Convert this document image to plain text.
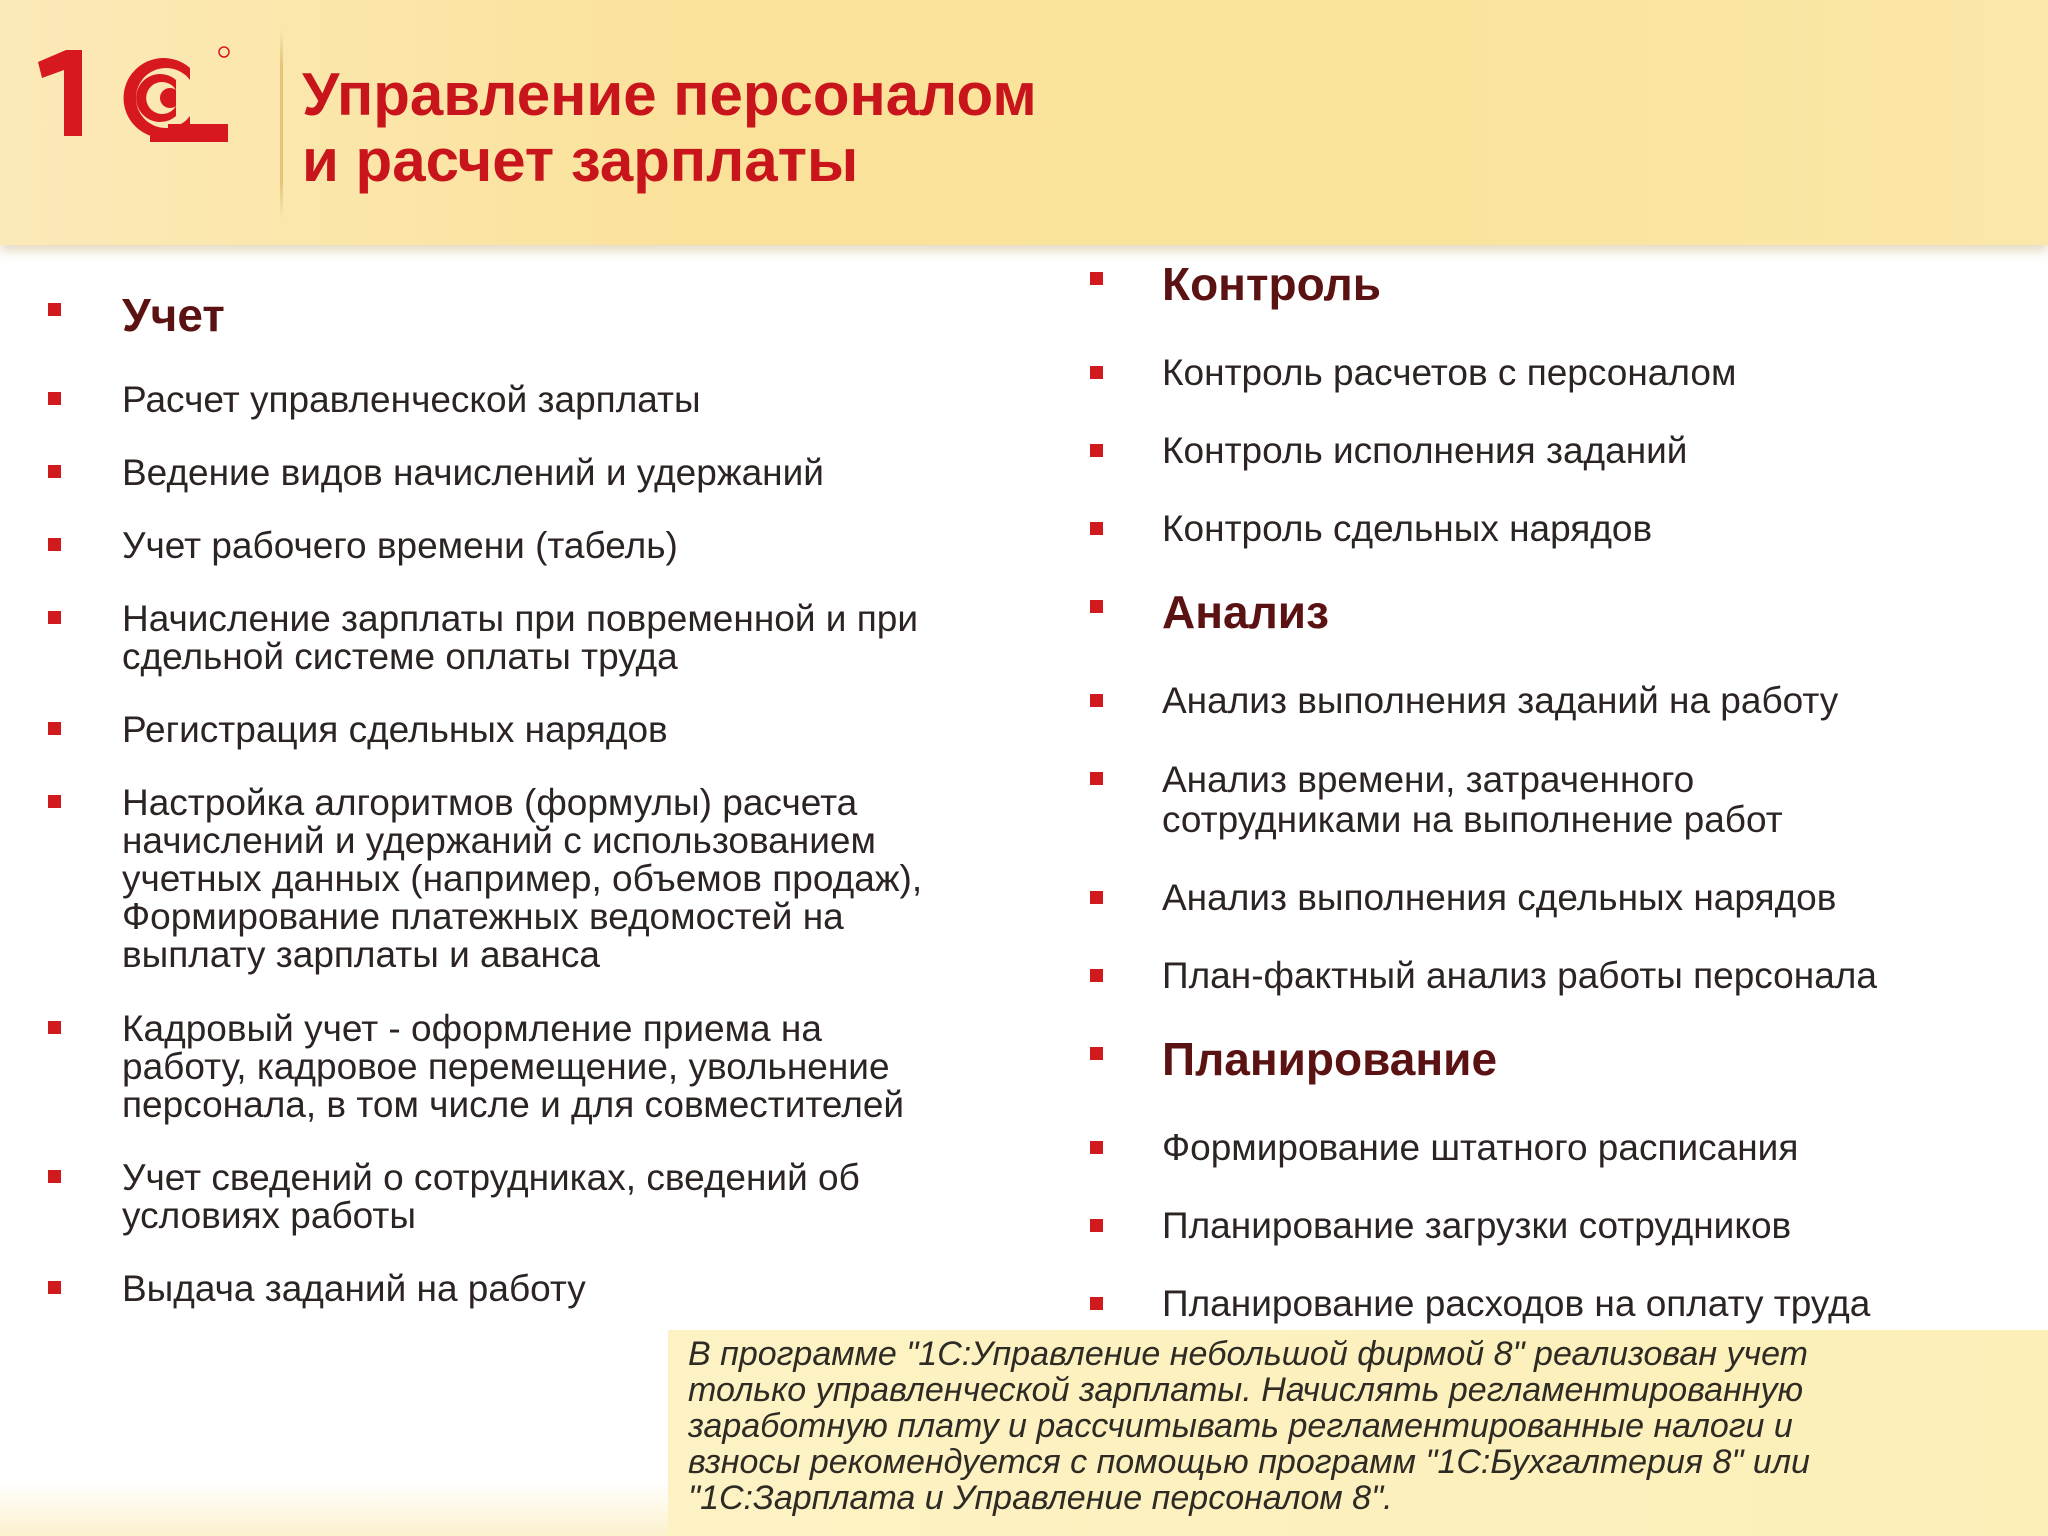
Управление персоналом
и расчет зарплаты
Учет
Расчет управленческой зарплаты
Ведение видов начислений и удержаний
Учет рабочего времени (табель)
Начисление зарплаты при повременной и при
сдельной системе оплаты труда
Регистрация сдельных нарядов
Настройка алгоритмов (формулы) расчета
начислений и удержаний с использованием
учетных данных (например, объемов продаж),
Формирование платежных ведомостей на
выплату зарплаты и аванса
Кадровый учет - оформление приема на
работу, кадровое перемещение, увольнение
персонала, в том числе и для совместителей
Учет сведений о сотрудниках, сведений об
условиях работы
Выдача заданий на работу
Контроль
Контроль расчетов с персоналом
Контроль исполнения заданий
Контроль сдельных нарядов
Анализ
Анализ выполнения заданий на работу
Анализ времени, затраченного
сотрудниками на выполнение работ
Анализ выполнения сдельных нарядов
План-фактный анализ работы персонала
Планирование
Формирование штатного расписания
Планирование загрузки сотрудников
Планирование расходов на оплату труда

В программе "1С:Управление небольшой фирмой 8" реализован учет
только управленческой зарплаты. Начислять регламентированную
заработную плату и рассчитывать регламентированные налоги и
взносы рекомендуется с помощью программ "1С:Бухгалтерия 8" или
"1С:Зарплата и Управление персоналом 8".
